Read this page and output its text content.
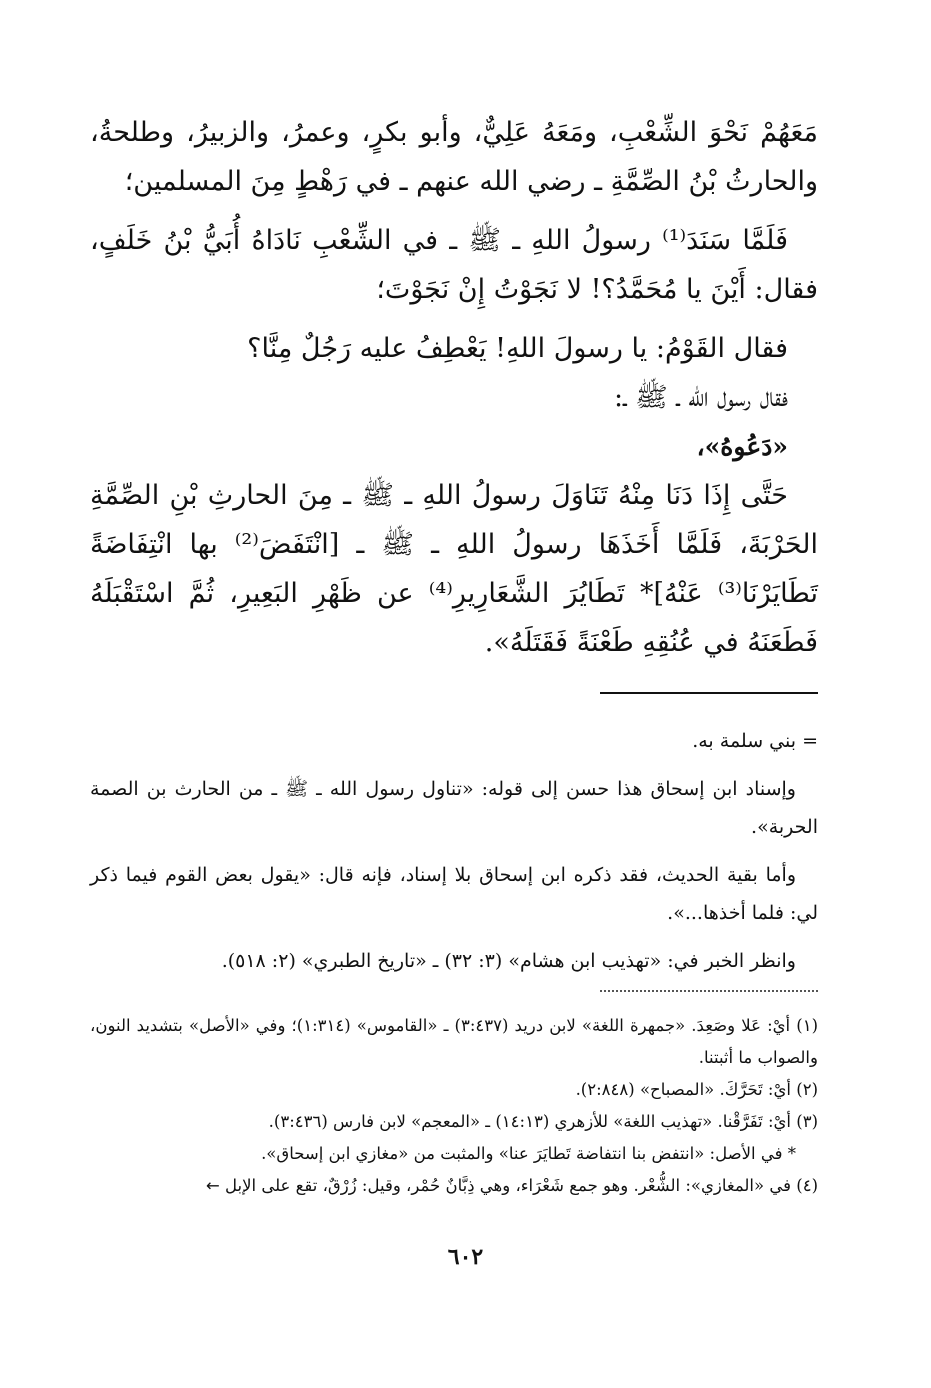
مَعَهُمْ نَحْوَ الشِّعْبِ، ومَعَهُ عَلِيٌّ، وأبو بكرٍ، وعمرُ، والزبيرُ، وطلحةُ، والحارثُ بْنُ الصِّمَّةِ ـ رضي الله عنهم ـ في رَهْطٍ مِنَ المسلمين؛

فَلَمَّا سَنَدَ⁽¹⁾ رسولُ اللهِ ـ ﷺ ـ في الشِّعْبِ نَادَاهُ أُبَيُّ بْنُ خَلَفٍ، فقال: أَيْنَ يا مُحَمَّدُ؟! لا نَجَوْتُ إِنْ نَجَوْتَ؛

فقال القَوْمُ: يا رسولَ اللهِ! يَعْطِفُ عليه رَجُلٌ مِنَّا؟

فقال رسول الله ـ ﷺ ـ:

«دَعُوهُ»،

حَتَّى إِذَا دَنَا مِنْهُ تَنَاوَلَ رسولُ اللهِ ـ ﷺ ـ مِنَ الحارثِ بْنِ الصِّمَّةِ الحَرْبَةَ، فَلَمَّا أَخَذَهَا رسولُ اللهِ ـ ﷺ ـ [انْتَفَضَ⁽²⁾ بها انْتِفَاضَةً تَطَايَرْنَا⁽³⁾ عَنْهُ]* تَطَايُرَ الشَّعَارِيرِ⁽⁴⁾ عن ظَهْرِ البَعِيرِ، ثُمَّ اسْتَقْبَلَهُ فَطَعَنَهُ في عُنُقِهِ طَعْنَةً فَقَتَلَهُ».

= بني سلمة به.

وإسناد ابن إسحاق هذا حسن إلى قوله: «تناول رسول الله ـ ﷺ ـ من الحارث بن الصمة الحربة».

وأما بقية الحديث، فقد ذكره ابن إسحاق بلا إسناد، فإنه قال: «يقول بعض القوم فيما ذكر لي: فلما أخذها...».

وانظر الخبر في: «تهذيب ابن هشام» (٣: ٣٢) ـ «تاريخ الطبري» (٢: ٥١٨).

(١) أيْ: عَلا وصَعِدَ. «جمهرة اللغة» لابن دريد (٣:٤٣٧) ـ «القاموس» (١:٣١٤)؛ وفي «الأصل» بتشديد النون، والصواب ما أثبتنا.

(٢) أيْ: تَحَرَّكَ. «المصباح» (٢:٨٤٨).

(٣) أيْ: تَفَرَّقْنا. «تهذيب اللغة» للأزهري (١٤:١٣) ـ «المعجم» لابن فارس (٣:٤٣٦).

* في الأصل: «انتفض بنا انتفاضة تَطايَرَ عنا» والمثبت من «مغازي ابن إسحاق».

(٤) في «المغازي»: الشُّعْر. وهو جمع شَعْرَاء، وهي ذِبَّانٌ حُمْر، وقيل: زُرْقٌ، تقع على الإبل ←

٦٠٢
